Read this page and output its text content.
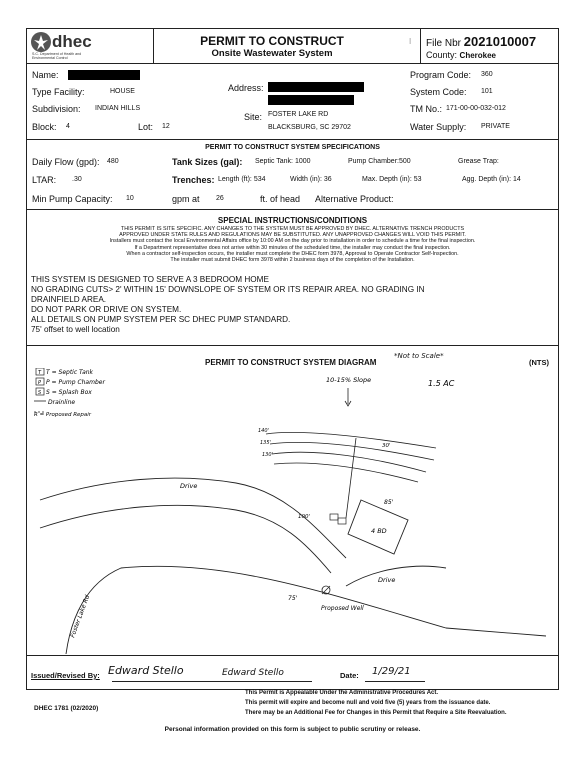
dhec
S.C. Department of Health and Environmental Control
PERMIT TO CONSTRUCT
Onsite Wastewater System
I File Nbr 2021010007
County: Cherokee
Name:
Address:
Program Code: 360
Type Facility:	HOUSE	System Code: 101
Subdivision: INDIAN HILLS
Site: FOSTER LAKE RD
BLACKSBURG, SC 29702
TM No.: 171-00-00-032-012
Block: 4	Lot: 12	Water Supply: PRIVATE
PERMIT TO CONSTRUCT SYSTEM SPECIFICATIONS
Daily Flow (gpd): 480	Tank Sizes (gal): Septic Tank: 1000	Pump Chamber:500	Grease Trap:
LTAR: .30	Trenches: Length (ft): 534	Width (in): 36	Max. Depth (in): 53	Agg. Depth (in): 14
Min Pump Capacity: 10	gpm at 26	ft. of head Alternative Product:
SPECIAL INSTRUCTIONS/CONDITIONS
THIS PERMIT IS SITE SPECIFIC. ANY CHANGES TO THE SYSTEM MUST BE APPROVED BY DHEC. ALTERNATIVE TRENCH PRODUCTS
APPROVED UNDER STATE RULES AND REGULATIONS MAY BE SUBSTITUTED. ANY UNAPPROVED CHANGES WILL VOID THIS PERMIT.
Installers must contact the local Environmental Affairs office by 10:00 AM on the day prior to installation in order to schedule a time for the final inspection.
If a Department representative does not arrive within 30 minutes of the scheduled time, the installer may conduct the final inspection.
When a contractor self-inspection occurs, the installer must complete the DHEC form 3978, Approval to Operate Contractor Self-Inspection.
The installer must submit DHEC form 3978 within 2 business days of the completion of the Installation.
THIS SYSTEM IS DESIGNED TO SERVE A 3 BEDROOM HOME
NO GRADING CUTS> 2' WITHIN 15' DOWNSLOPE OF SYSTEM OR ITS REPAIR AREA. NO GRADING IN
DRAINFIELD AREA.
DO NOT PARK OR DRIVE ON SYSTEM.
ALL DETAILS ON PUMP SYSTEM PER SC DHEC PUMP STANDARD.
75' offset to well location
PERMIT TO CONSTRUCT SYSTEM DIAGRAM	(NTS)
*Not to Scale*
T T = Septic Tank
P P = Pump Chamber
S S = Splash Box
Drainline
R = Proposed Repair
10-15% Slope	1.5 AC
Drive
Drive
Foster Lake Rd
140'
135'
130'
30'
85'
100'
4 BD
Proposed Well
75'
Issued/Revised By: Edward Stello	Edward Stello	Date: 1/29/21
This Permit is Appealable Under the Administrative Procedures Act.
This permit will expire and become null and void five (5) years from the issuance date.
There may be an Additional Fee for Changes in this Permit that Require a Site Reevaluation.
DHEC 1781 (02/2020)
Personal information provided on this form is subject to public scrutiny or release.
